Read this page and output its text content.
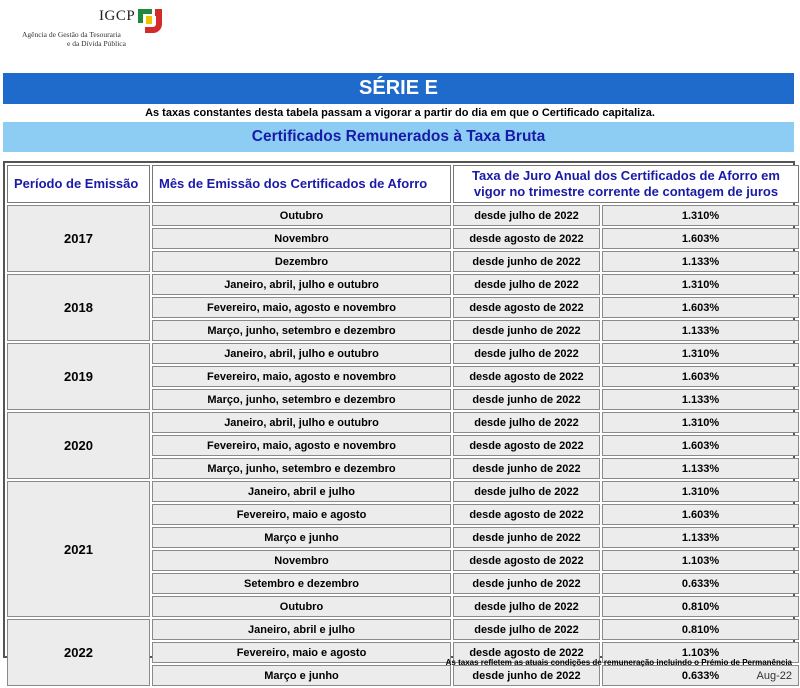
IGCP
Agência de Gestão da Tesouraria
e da Dívida Pública
SÉRIE E
As taxas constantes desta tabela passam a vigorar a partir do dia em que o Certificado capitaliza.
Certificados Remunerados à Taxa Bruta
Período de Emissão	Mês de Emissão dos Certificados de Aforro	Taxa de Juro Anual dos Certificados de Aforro em vigor no trimestre corrente de contagem de juros	
2017	Outubro	desde julho de 2022	1.310%
	Novembro	desde agosto de 2022	1.603%
	Dezembro	desde junho de 2022	1.133%
2018	Janeiro, abril, julho e outubro	desde julho de 2022	1.310%
	Fevereiro, maio, agosto e novembro	desde agosto de 2022	1.603%
	Março, junho, setembro e dezembro	desde junho de 2022	1.133%
2019	Janeiro, abril, julho e outubro	desde julho de 2022	1.310%
	Fevereiro, maio, agosto e novembro	desde agosto de 2022	1.603%
	Março, junho, setembro e dezembro	desde junho de 2022	1.133%
2020	Janeiro, abril, julho e outubro	desde julho de 2022	1.310%
	Fevereiro, maio, agosto e novembro	desde agosto de 2022	1.603%
	Março, junho, setembro e dezembro	desde junho de 2022	1.133%
2021	Janeiro, abril e julho	desde julho de 2022	1.310%
	Fevereiro, maio e agosto	desde agosto de 2022	1.603%
	Março e junho	desde junho de 2022	1.133%
	Novembro	desde agosto de 2022	1.103%
	Setembro e dezembro	desde junho de 2022	0.633%
	Outubro	desde julho de 2022	0.810%
2022	Janeiro, abril e julho	desde julho de 2022	0.810%
	Fevereiro, maio e agosto	desde agosto de 2022	1.103%
	Março e junho	desde junho de 2022	0.633%
As taxas refletem as atuais condições de remuneração incluindo o Prémio de Permanência
Aug-22
